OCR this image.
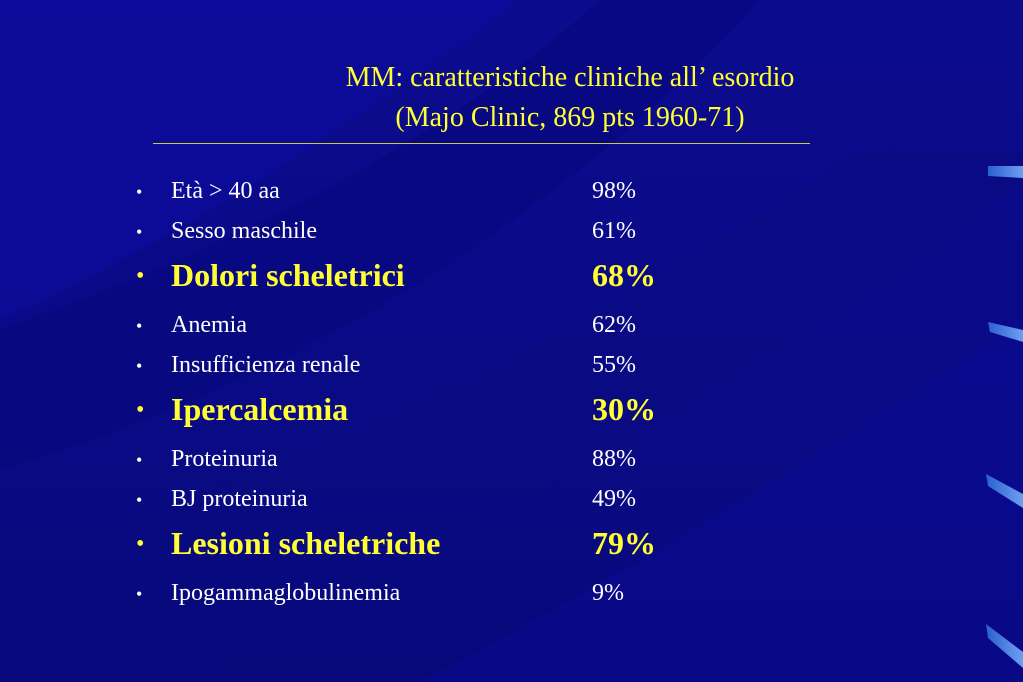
MM: caratteristiche cliniche all’ esordio
(Majo Clinic, 869 pts 1960-71)
• Età > 40 aa	98%
• Sesso maschile	61%
• Dolori scheletrici	68%
• Anemia	62%
• Insufficienza renale	55%
• Ipercalcemia	30%
• Proteinuria	88%
• BJ proteinuria	49%
• Lesioni scheletriche	79%
• Ipogammaglobulinemia	9%
